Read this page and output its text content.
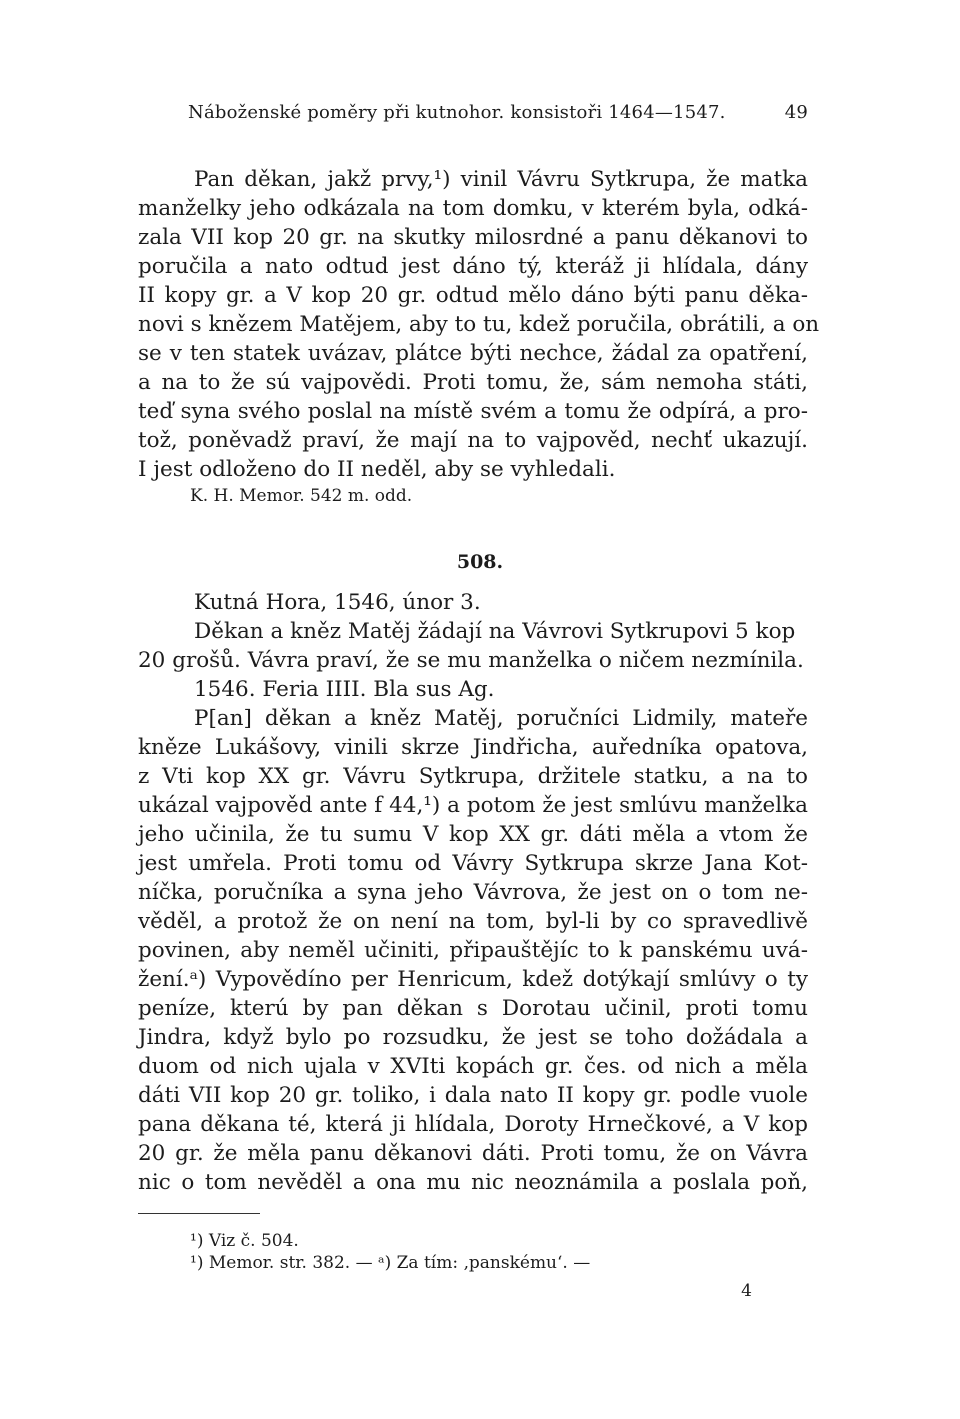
Náboženské poměry při kutnohor. konsistoři 1464—1547.	49
Pan děkan, jakž prvy,¹) vinil Vávru Sytkrupa, že matka
manželky jeho odkázala na tom domku, v kterém byla, odká-
zala VII kop 20 gr. na skutky milosrdné a panu děkanovi to
poručila a nato odtud jest dáno tý, kteráž ji hlídala, dány
II kopy gr. a V kop 20 gr. odtud mělo dáno býti panu děka-
novi s knězem Matějem, aby to tu, kdež poručila, obrátili, a on
se v ten statek uvázav, plátce býti nechce, žádal za opatření,
a na to že sú vajpovědi. Proti tomu, že, sám nemoha státi,
teď syna svého poslal na místě svém a tomu že odpírá, a pro-
tož, poněvadž praví, že mají na to vajpověd, nechť ukazují.
I jest odloženo do II neděl, aby se vyhledali.
K. H. Memor. 542 m. odd.
508.
Kutná Hora, 1546, únor 3.
Děkan a kněz Matěj žádají na Vávrovi Sytkrupovi 5 kop
20 grošů. Vávra praví, že se mu manželka o ničem nezmínila.
1546. Feria IIII. Bla sus Ag.
P[an] děkan a kněz Matěj, poručníci Lidmily, mateře
kněze Lukášovy, vinili skrze Jindřicha, auředníka opatova,
z Vti kop XX gr. Vávru Sytkrupa, držitele statku, a na to
ukázal vajpověd ante f 44,¹) a potom že jest smlúvu manželka
jeho učinila, že tu sumu V kop XX gr. dáti měla a vtom že
jest umřela. Proti tomu od Vávry Sytkrupa skrze Jana Kot-
níčka, poručníka a syna jeho Vávrova, že jest on o tom ne-
věděl, a protož že on není na tom, byl-li by co spravedlivě
povinen, aby neměl učiniti, připauštějíc to k panskému uvá-
žení.ᵃ) Vypovědíno per Henricum, kdež dotýkají smlúvy o ty
peníze, kterú by pan děkan s Dorotau učinil, proti tomu
Jindra, když bylo po rozsudku, že jest se toho dožádala a
duom od nich ujala v XVIti kopách gr. čes. od nich a měla
dáti VII kop 20 gr. toliko, i dala nato II kopy gr. podle vuole
pana děkana té, která ji hlídala, Doroty Hrnečkové, a V kop
20 gr. že měla panu děkanovi dáti. Proti tomu, že on Vávra
nic o tom nevěděl a ona mu nic neoznámila a poslala poň,
¹) Viz č. 504.
¹) Memor. str. 382. — ᵃ) Za tím: ‚panskému‘. —
4
